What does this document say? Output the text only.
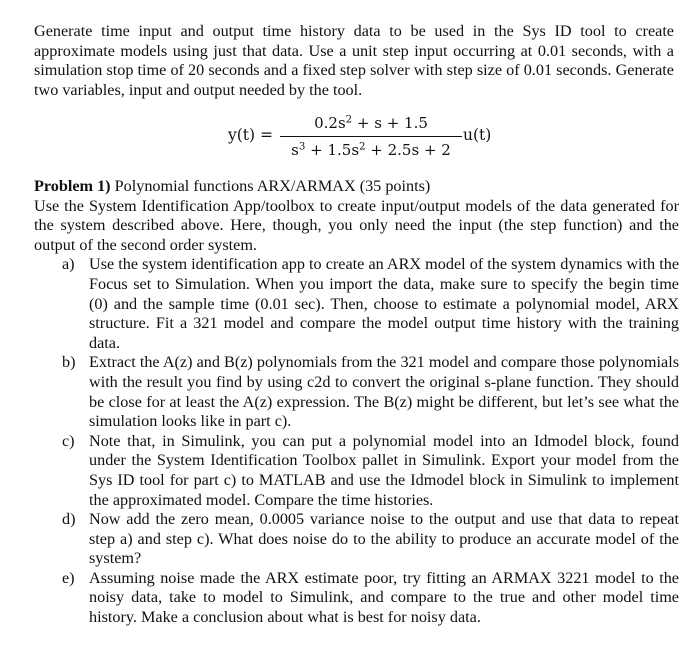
Generate time input and output time history data to be used in the Sys ID tool to create approximate models using just that data. Use a unit step input occurring at 0.01 seconds, with a simulation stop time of 20 seconds and a fixed step solver with step size of 0.01 seconds. Generate two variables, input and output needed by the tool.

y(t) =
$0.2s^2 + s + 1.5$
$s^3 + 1.5s^2 + 2.5s + 2$
u(t)

Problem 1) Polynomial functions ARX/ARMAX (35 points)

Use the System Identification App/toolbox to create input/output models of the data generated for the system described above. Here, though, you only need the input (the step function) and the output of the second order system.

a) Use the system identification app to create an ARX model of the system dynamics with the Focus set to Simulation. When you import the data, make sure to specify the begin time (0) and the sample time (0.01 sec). Then, choose to estimate a polynomial model, ARX structure. Fit a 321 model and compare the model output time history with the training data.
b) Extract the A(z) and B(z) polynomials from the 321 model and compare those polynomials with the result you find by using c2d to convert the original s-plane function. They should be close for at least the A(z) expression. The B(z) might be different, but let’s see what the simulation looks like in part c).
c) Note that, in Simulink, you can put a polynomial model into an Idmodel block, found under the System Identification Toolbox pallet in Simulink. Export your model from the Sys ID tool for part c) to MATLAB and use the Idmodel block in Simulink to implement the approximated model. Compare the time histories.
d) Now add the zero mean, 0.0005 variance noise to the output and use that data to repeat step a) and step c). What does noise do to the ability to produce an accurate model of the system?
e) Assuming noise made the ARX estimate poor, try fitting an ARMAX 3221 model to the noisy data, take to model to Simulink, and compare to the true and other model time history. Make a conclusion about what is best for noisy data.
